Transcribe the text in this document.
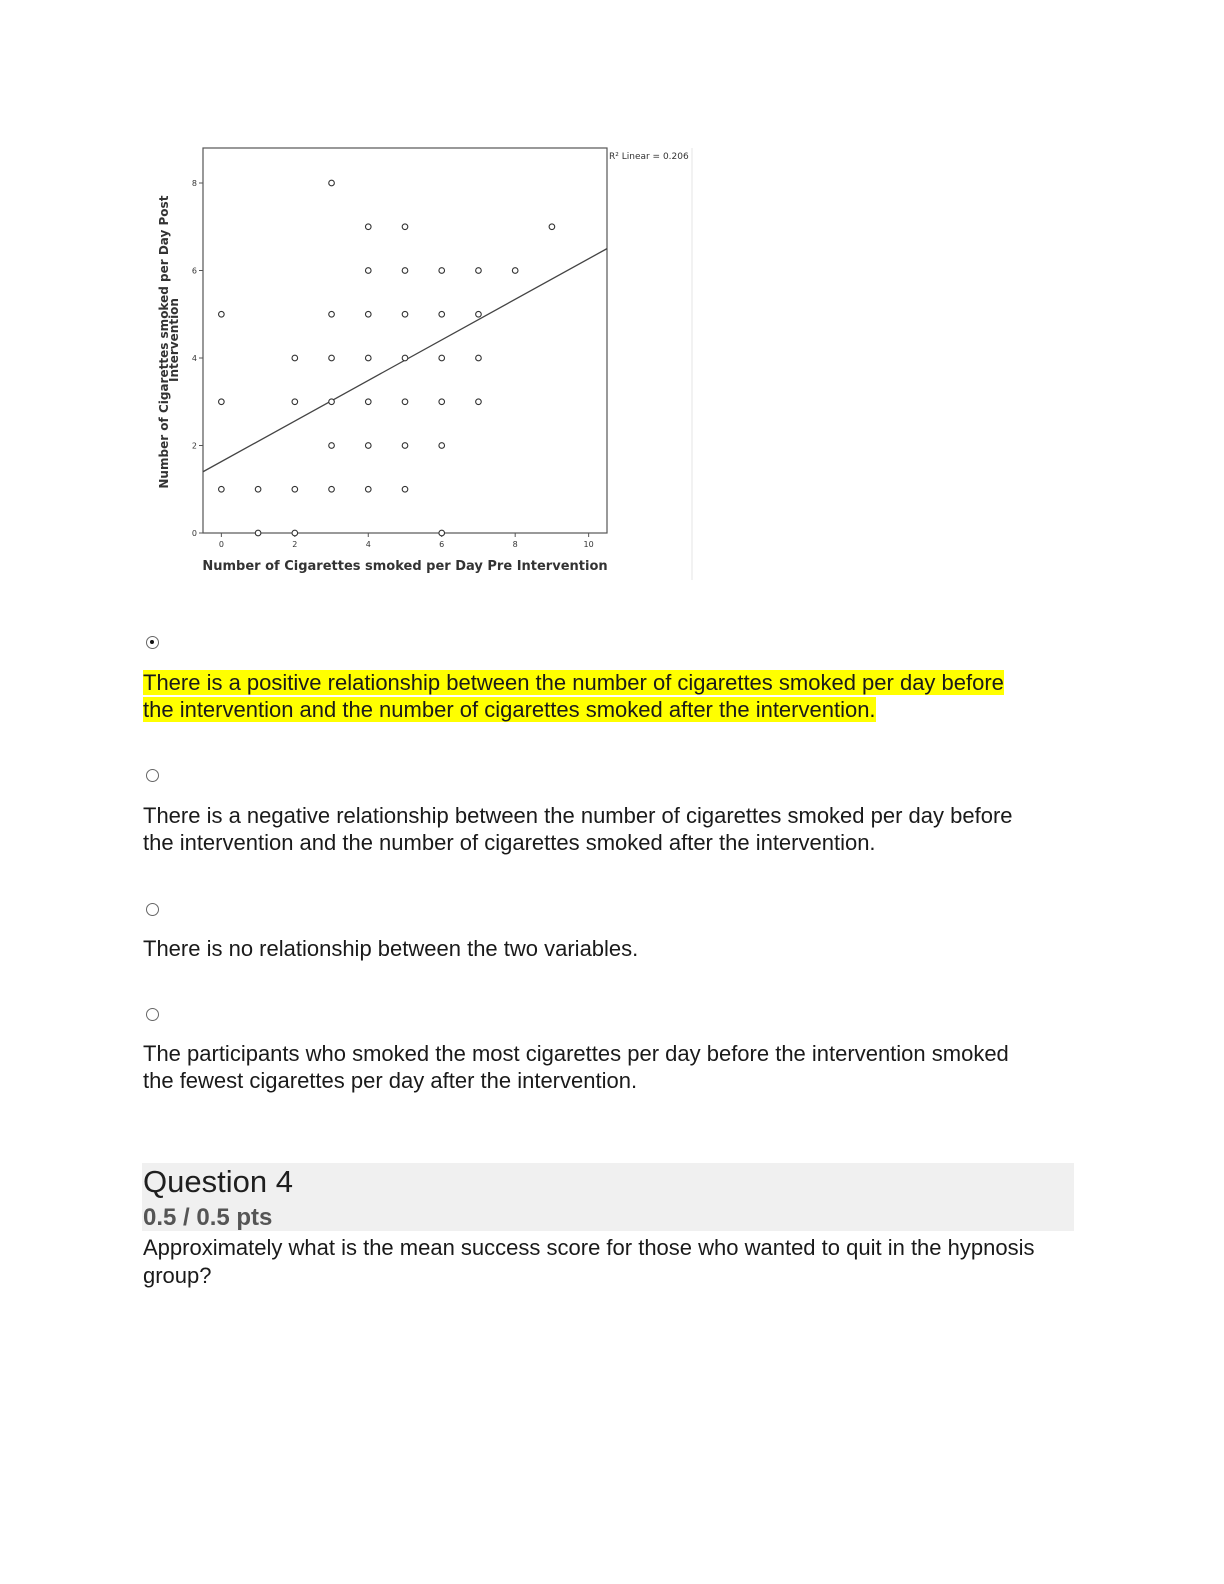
0
2
4
6
8
0	2	4	6	8	10
R² Linear = 0.206
Number of Cigarettes smoked per Day Pre Intervention
Number of Cigarettes smoked per Day Post Intervention
There is a positive relationship between the number of cigarettes smoked per day before the intervention and the number of cigarettes smoked after the intervention.
There is a negative relationship between the number of cigarettes smoked per day before the intervention and the number of cigarettes smoked after the intervention.
There is no relationship between the two variables.
The participants who smoked the most cigarettes per day before the intervention smoked the fewest cigarettes per day after the intervention.
Question 4
0.5 / 0.5 pts
Approximately what is the mean success score for those who wanted to quit in the hypnosis group?
